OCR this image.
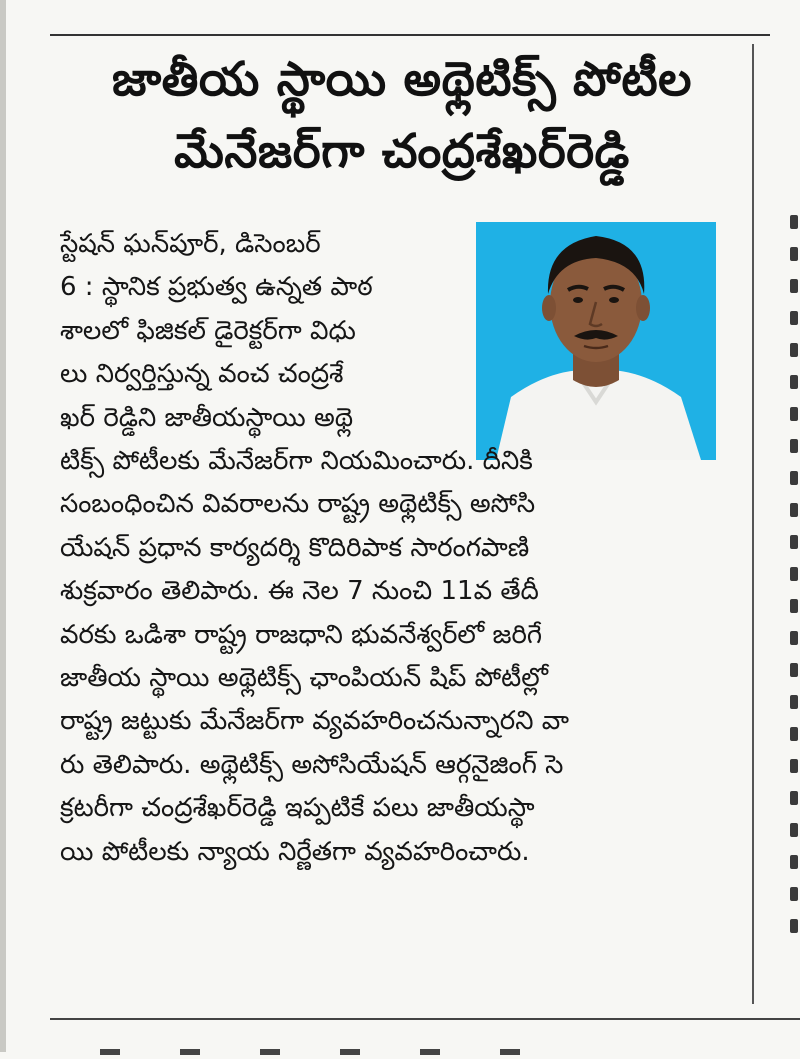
జాతీయ స్థాయి అథ్లెటిక్స్ పోటీల
మేనేజర్‌గా చంద్రశేఖర్‌రెడ్డి
స్టేషన్ ఘన్‌పూర్, డిసెంబర్
6 : స్థానిక ప్రభుత్వ ఉన్నత పాఠ
శాలలో ఫిజికల్ డైరెక్టర్‌గా విధు
లు నిర్వర్తిస్తున్న వంచ చంద్రశే
ఖర్ రెడ్డిని జాతీయస్థాయి అథ్లె
టిక్స్ పోటీలకు మేనేజర్‌గా నియమించారు. దీనికి
సంబంధించిన వివరాలను రాష్ట్ర అథ్లెటిక్స్ అసోసి
యేషన్ ప్రధాన కార్యదర్శి కొదిరిపాక సారంగపాణి
శుక్రవారం తెలిపారు. ఈ నెల 7 నుంచి 11వ తేదీ
వరకు ఒడిశా రాష్ట్ర రాజధాని భువనేశ్వర్‌లో జరిగే
జాతీయ స్థాయి అథ్లెటిక్స్ ఛాంపియన్ షిప్ పోటీల్లో
రాష్ట్ర జట్టుకు మేనేజర్‌గా వ్యవహరించనున్నారని వా
రు తెలిపారు. అథ్లెటిక్స్ అసోసియేషన్ ఆర్గనైజింగ్ సె
క్రటరీగా చంద్రశేఖర్‌రెడ్డి ఇప్పటికే పలు జాతీయస్థా
యి పోటీలకు న్యాయ నిర్ణేతగా వ్యవహరించారు.
